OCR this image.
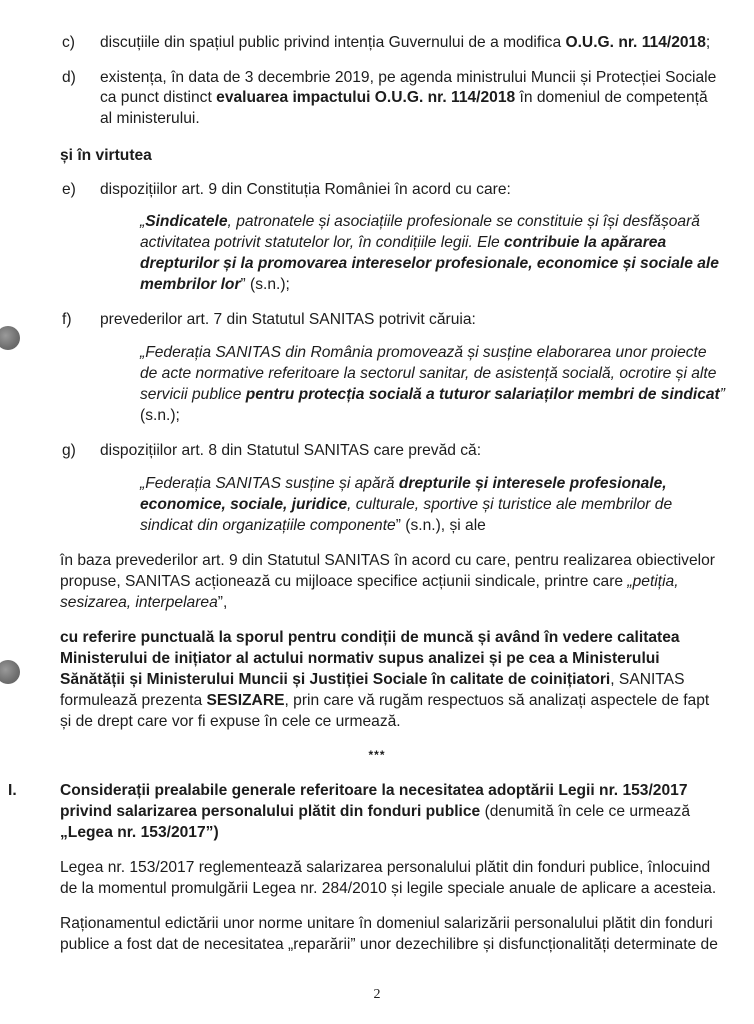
c) discuțiile din spațiul public privind intenția Guvernului de a modifica O.U.G. nr. 114/2018;
d) existența, în data de 3 decembrie 2019, pe agenda ministrului Muncii și Protecției Sociale
ca punct distinct evaluarea impactului O.U.G. nr. 114/2018 în domeniul de competență
al ministerului.
și în virtutea
e) dispozițiilor art. 9 din Constituția României în acord cu care:
„Sindicatele, patronatele și asociațiile profesionale se constituie și își desfășoară
activitatea potrivit statutelor lor, în condițiile legii. Ele contribuie la apărarea
drepturilor și la promovarea intereselor profesionale, economice și sociale ale
membrilor lor” (s.n.);
f) prevederilor art. 7 din Statutul SANITAS potrivit căruia:
„Federația SANITAS din România promovează și susține elaborarea unor proiecte
de acte normative referitoare la sectorul sanitar, de asistență socială, ocrotire și alte
servicii publice pentru protecția socială a tuturor salariaților membri de sindicat”
(s.n.);
g) dispozițiilor art. 8 din Statutul SANITAS care prevăd că:
„Federația SANITAS susține și apără drepturile și interesele profesionale,
economice, sociale, juridice, culturale, sportive și turistice ale membrilor de
sindicat din organizațiile componente” (s.n.), și ale
în baza prevederilor art. 9 din Statutul SANITAS în acord cu care, pentru realizarea obiectivelor
propuse, SANITAS acționează cu mijloace specifice acțiunii sindicale, printre care „petiția,
sesizarea, interpelarea”,
cu referire punctuală la sporul pentru condiții de muncă și având în vedere calitatea
Ministerului de inițiator al actului normativ supus analizei și pe cea a Ministerului
Sănătății și Ministerului Muncii și Justiției Sociale în calitate de coinițiatori, SANITAS
formulează prezenta SESIZARE, prin care vă rugăm respectuos să analizați aspectele de fapt
și de drept care vor fi expuse în cele ce urmează.
***
I.	Considerații prealabile generale referitoare la necesitatea adoptării Legii nr. 153/2017
privind salarizarea personalului plătit din fonduri publice (denumită în cele ce urmează
„Legea nr. 153/2017”)
Legea nr. 153/2017 reglementează salarizarea personalului plătit din fonduri publice, înlocuind
de la momentul promulgării Legea nr. 284/2010 și legile speciale anuale de aplicare a acesteia.
Raționamentul edictării unor norme unitare în domeniul salarizării personalului plătit din fonduri
publice a fost dat de necesitatea „reparării” unor dezechilibre și disfuncționalități determinate de
2
